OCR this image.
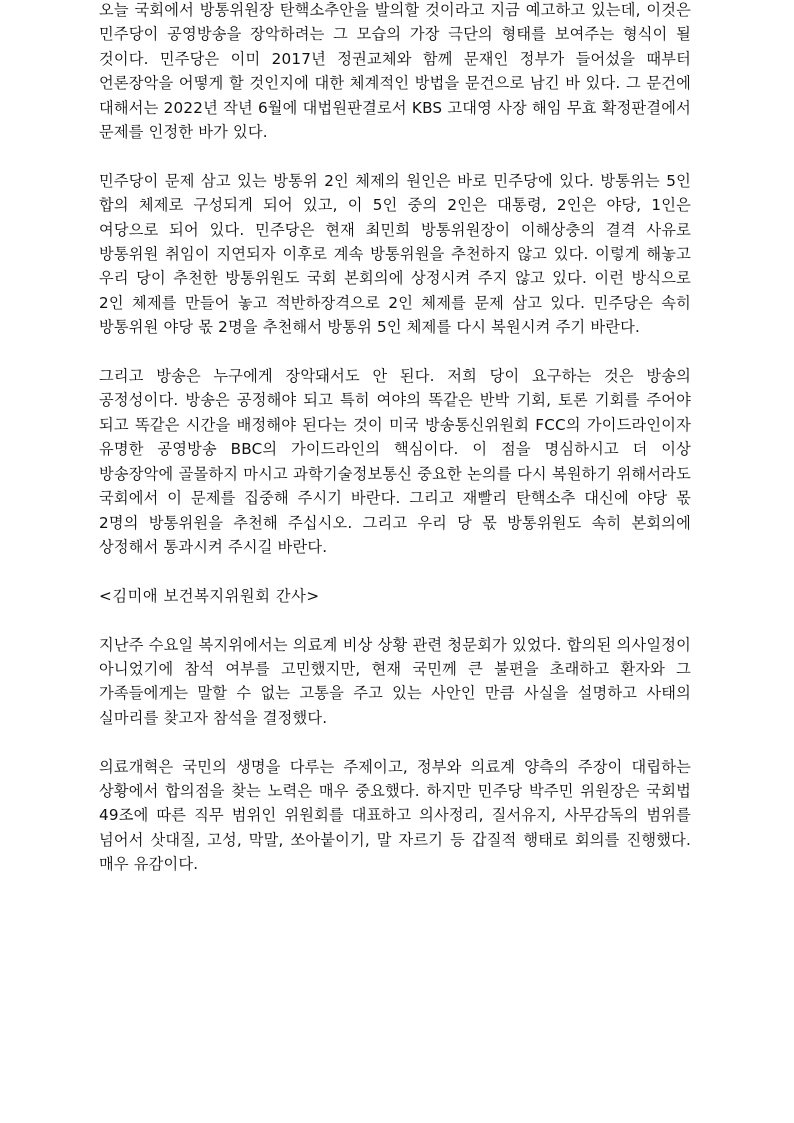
오늘 국회에서 방통위원장 탄핵소추안을 발의할 것이라고 지금 예고하고 있는데, 이것은 민주당이 공영방송을 장악하려는 그 모습의 가장 극단의 형태를 보여주는 형식이 될 것이다. 민주당은 이미 2017년 정권교체와 함께 문재인 정부가 들어섰을 때부터 언론장악을 어떻게 할 것인지에 대한 체계적인 방법을 문건으로 남긴 바 있다. 그 문건에 대해서는 2022년 작년 6월에 대법원판결로서 KBS 고대영 사장 해임 무효 확정판결에서 문제를 인정한 바가 있다.

민주당이 문제 삼고 있는 방통위 2인 체제의 원인은 바로 민주당에 있다. 방통위는 5인 합의 체제로 구성되게 되어 있고, 이 5인 중의 2인은 대통령, 2인은 야당, 1인은 여당으로 되어 있다. 민주당은 현재 최민희 방통위원장이 이해상충의 결격 사유로 방통위원 취임이 지연되자 이후로 계속 방통위원을 추천하지 않고 있다. 이렇게 해놓고 우리 당이 추천한 방통위원도 국회 본회의에 상정시켜 주지 않고 있다. 이런 방식으로 2인 체제를 만들어 놓고 적반하장격으로 2인 체제를 문제 삼고 있다. 민주당은 속히 방통위원 야당 몫 2명을 추천해서 방통위 5인 체제를 다시 복원시켜 주기 바란다.

그리고 방송은 누구에게 장악돼서도 안 된다. 저희 당이 요구하는 것은 방송의 공정성이다. 방송은 공정해야 되고 특히 여야의 똑같은 반박 기회, 토론 기회를 주어야 되고 똑같은 시간을 배정해야 된다는 것이 미국 방송통신위원회 FCC의 가이드라인이자 유명한 공영방송 BBC의 가이드라인의 핵심이다. 이 점을 명심하시고 더 이상 방송장악에 골몰하지 마시고 과학기술정보통신 중요한 논의를 다시 복원하기 위해서라도 국회에서 이 문제를 집중해 주시기 바란다. 그리고 재빨리 탄핵소추 대신에 야당 몫 2명의 방통위원을 추천해 주십시오. 그리고 우리 당 몫 방통위원도 속히 본회의에 상정해서 통과시켜 주시길 바란다.

<김미애 보건복지위원회 간사>

지난주 수요일 복지위에서는 의료계 비상 상황 관련 청문회가 있었다. 합의된 의사일정이 아니었기에 참석 여부를 고민했지만, 현재 국민께 큰 불편을 초래하고 환자와 그 가족들에게는 말할 수 없는 고통을 주고 있는 사안인 만큼 사실을 설명하고 사태의 실마리를 찾고자 참석을 결정했다.

의료개혁은 국민의 생명을 다루는 주제이고, 정부와 의료계 양측의 주장이 대립하는 상황에서 합의점을 찾는 노력은 매우 중요했다. 하지만 민주당 박주민 위원장은 국회법 49조에 따른 직무 범위인 위원회를 대표하고 의사정리, 질서유지, 사무감독의 범위를 넘어서 삿대질, 고성, 막말, 쏘아붙이기, 말 자르기 등 갑질적 행태로 회의를 진행했다. 매우 유감이다.
